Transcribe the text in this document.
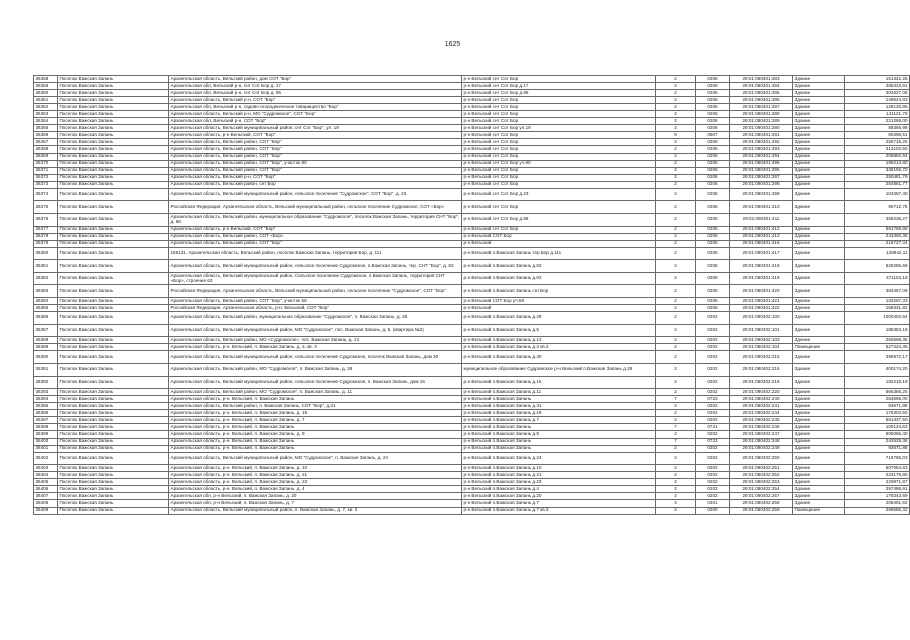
1625
36358	Поселок Важская Запань	Архангельская область, Вельский район, дом СОТ "Бор"	р-н Вельский снт Сот Бор	2	0206	29:01:080401:283	Здание	151342,25
36359	Поселок Важская Запань	Архангельская обл, Вельский р-н, снт Сот Бор д. 17	р-н Вельский снт Сот Бор д.17	2	0206	29:01:080401:284	Здание	385323,91
36360	Поселок Важская Запань	Архангельская обл, Вельский р-н, снт Сот Бор д. 95	р-н Вельский снт Сот Бор д.95	2	0206	29:01:080401:285	Здание	302627,06
36361	Поселок Важская Запань	Архангельская область, Вельский р-н, СОТ "Бор"	р-н Вельский снт Сот Бор	2	0206	29:01:080401:286	Здание	149624,83
36362	Поселок Важская Запань	Архангельская обл, Вельский р-н, садово-огородническое товарищество "Бор"	р-н Вельский снт Сот Бор	2	0206	29:01:080401:287	Здание	128120,86
36363	Поселок Важская Запань	Архангельская область, Вельский р-н, МО "Судромское", СОТ "Бор"	р-н Вельский снт Сот Бор	2	0206	29:01:080401:288	Здание	141121,78
36364	Поселок Важская Запань	Архангельская обл, Вельский р-н, СОТ "Бор"	р-н Вельский снт Сот Бор	2	0206	29:01:080401:289	Здание	221259,00
36365	Поселок Важская Запань	Архангельская область, Вельский муниципальный район, снт Сот "Бор", ул. 19	р-н Вельский снт Сот Бор ул.19	2	0206	29:01:080401:290	Здание	89356,99
36366	Поселок Важская Запань	Архангельская область, р-н Вельский, СОТ "Бор"	р-н Вельский снт Сот Бор	8	0507	29:01:080401:291	Здание	60396,51
36367	Поселок Важская Запань	Архангельская область, Вельский район, СОТ "Бор"	р-н Вельский снт Сот Бор	2	0206	29:01:080401:292	Здание	255715,25
36368	Поселок Важская Запань	Архангельская область, Вельский район, СОТ "Бор"	р-н Вельский снт Сот Бор	2	0206	29:01:080401:293	Здание	313102,50
36369	Поселок Важская Запань	Архангельская область, Вельский район, СОТ "Бор"	р-н Вельский снт Сот Бор	2	0206	29:01:080401:294	Здание	208892,94
36370	Поселок Важская Запань	Архангельская область, Вельский район, СОТ "Бор", участок 80	р-н Вельский снт Сот Бор уч.80	2	0206	29:01:080401:295	Здание	196213,80
36371	Поселок Важская Запань	Архангельская область, Вельский район, СОТ "Бор"	р-н Вельский снт Сот Бор	2	0206	29:01:080401:296	Здание	336155,70
36372	Поселок Важская Запань	Архангельская область, Вельский р-н, СОТ "Бор"	р-н Вельский снт Сот Бор	2	0206	29:01:080401:297	Здание	250481,76
36373	Поселок Важская Запань	Архангельская область, Вельский район, снт Бор	р-н Вельский снт Сот Бор	2	0206	29:01:080401:298	Здание	254861,77
36374	Поселок Важская Запань	Архангельская область, Вельский муниципальный район, сельское поселение "Судромское", СОТ "Бор", д. 23	р-н Вельский снт Сот Бор д.23	2	0206	29:01:080401:299	Здание	104367,40
36375	Поселок Важская Запань	Российская Федерация, Архангельская область, Вельский муниципальный район, сельское поселение Судромское, СОТ «Бор»	р-н Вельский снт Сот Бор	2	0206	29:01:080401:410	Здание	90712,75
36376	Поселок Важская Запань	Архангельская область, Вельский район, муниципальное образование "Судромское", поселок Важская Запань, территория СНТ "Бор", д. 68	р-н Вельский снт Сот Бор д.68	2	0206	29:01:080401:411	Здание	356236,27
36377	Поселок Важская Запань	Архангельская область, р-н Вельский, СОТ "Бор"	р-н Вельский снт Сот Бор	2	0206	29:01:080401:412	Здание	591769,98
36378	Поселок Важская Запань	Архангельская область, Вельский район, СОТ «Бор»	р-н Вельский СОТ Бор	2	0206	29:01:080401:413	Здание	243360,35
36379	Поселок Важская Запань	Архангельская область, Вельский район, СОТ "Бор"	р-н Вельский	2	0206	29:01:080401:416	Здание	218727,34
36380	Поселок Важская Запань	165131, Архангельская область, Вельский район, поселок Важская Запань, территория Бор, д. 111	р-н Вельский п.Важская Запань тер.Бор д.111	2	0206	29:01:080401:417	Здание	128942,11
36381	Поселок Важская Запань	Архангельская область, Вельский муниципальный район, сельское поселение Судромское, п.Важская Запань, тер. СНТ "Бор", д. 62	р-н Вельский п.Важская Запань д.62	2	0206	29:01:080401:418	Здание	528285,66
36382	Поселок Важская Запань	Архангельская область, Вельский муниципальный район, Сельское поселение Судромское, п.Важская Запань, территория СНТ «Бор», строение 63	р-н Вельский п.Важская Запань д.63	2	0206	29:01:080401:419	Здание	471104,18
36383	Поселок Важская Запань	Российская Федерация, Архангельская область, Вельский муниципальный район, сельское поселение "Судромское", СОТ "Бор"	р-н Вельский п.Важская Запань снт.Бор	2	0206	29:01:080401:420	Здание	383457,05
36384	Поселок Важская Запань	Архангельская область, Вельский район, СОТ "Бор", участок 58	р-н Вельский СОТ Бор уч.58	2	0206	29:01:080401:421	Здание	133287,33
36385	Поселок Важская Запань	Российская Федерация, Архангельская область, р-н. Вельский, СОТ "Бор"	р-н Вельский	2	0206	29:01:080401:422	Здание	158331,82
36386	Поселок Важская Запань	Архангельская область, Вельский район, муниципальное образование "Судромское", п. Важская Запань, д. 28	р-н Вельский п.Важская Запань д.28	2	0202	29:01:080402:100	Здание	1000402,64
36387	Поселок Важская Запань	Архангельская область, Вельский муниципальный район, МО "Судромское", пос. Важская Запань, д. 5, (квартира №2)	р-н Вельский п.Важская Запань д.5	2	0202	29:01:080402:101	Здание	185353,18
36388	Поселок Важская Запань	Архангельская область, Вельский район, МО «Судромское», пос. Важская Запань, д. 13	р-н Вельский п.Важская Запань д.13	2	0202	29:01:080402:103	Здание	250568,35
36389	Поселок Важская Запань	Архангельская область, р-н. Вельский, п. Важская Запань, д. 3, кв. 3	р-н Вельский п.Важская Запань д.3 кв.3	2	0202	29:01:080402:104	Помещение	527224,45
36390	Поселок Важская Запань	Архангельская область, Вельский муниципальный район, сельское поселение Судромское, поселок Важская Запань, дом 30	р-н Вельский п.Важская Запань д.30	2	0202	29:01:080402:215	Здание	396972,17
36391	Поселок Важская Запань	Архангельская область, Вельский район, МО "Судромское", п. Важская Запань, д. 28	муниципальное образование Судромское р-н Вельский п.Важская Запань д.28	2	0202	29:01:080402:216	Здание	400174,20
36392	Поселок Важская Запань	Архангельская область, Вельский муниципальный район, сельское поселение Судромское, п. Важская Запань, дом 15	р-н Вельский п.Важская Запань д.15	2	0202	29:01:080402:218	Здание	182219,19
36393	Поселок Важская Запань	Архангельская область, Вельский район, МО "Судромское", п. Важская Запань, д. 11	р-н Вельский п.Важская Запань д.11	2	0202	29:01:080402:220	Здание	566366,25
36394	Поселок Важская Запань	Архангельская область, р-н. Вельский, п. Важская Запань	р-н Вельский п.Важская Запань	7	0723	29:01:080402:240	Здание	254696,00
36395	Поселок Важская Запань	Архангельская область, Вельский район, п. Важская Запань, СОТ "Бор", д.31	р-н Вельский п.Важская Запань д.31	2	0202	29:01:080402:241	Здание	93671,86
36396	Поселок Важская Запань	Архангельская область, р-н. Вельский, п. Важская Запань, д. 19	р-н Вельский п.Важская Запань д.19	2	0202	29:01:080402:244	Здание	175303,50
36397	Поселок Важская Запань	Архангельская область, р-н. Вельский, п. Важская Запань, д. 7	р-н Вельский п.Важская Запань д.7	2	0202	29:01:080402:245	Здание	561337,50
36398	Поселок Важская Запань	Архангельская область, р-н. Вельский, п. Важская Запань	р-н Вельский п.Важская Запань	7	0721	29:01:080402:246	Здание	100124,63
36399	Поселок Важская Запань	Архангельская область, р-н. Вельский, п. Важская Запань, д. 9	р-н Вельский п.Важская Запань д.9	2	0202	29:01:080402:247	Здание	605065,40
36400	Поселок Важская Запань	Архангельская область, р-н. Вельский, п. Важская Запань	р-н Вельский п.Важская Запань	7	0723	29:01:080402:248	Здание	242625,36
36401	Поселок Важская Запань	Архангельская область, р-н. Вельский, п. Важская Запань	р-н Вельский п.Важская Запань	2	0202	29:01:080402:249	Здание	93671,86
36402	Поселок Важская Запань	Архангельская область, Вельский муниципальный район, МО "Судромское", п. Важская Запань, д. 24	р-н Вельский п.Важская Запань д.24	2	0202	29:01:080402:250	Здание	715765,03
36403	Поселок Важская Запань	Архангельская область, р-н. Вельский, п. Важская Запань, д. 10	р-н Вельский п.Важская Запань д.10	2	0202	29:01:080402:251	Здание	607054,63
36404	Поселок Важская Запань	Архангельская область, р-н. Вельский, п. Важская Запань, д. 21	р-н Вельский п.Важская Запань д.21	2	0202	29:01:080402:252	Здание	223175,90
36405	Поселок Важская Запань	Архангельская область, р-н. Вельский, п. Важская Запань, д. 23	р-н Вельский п.Важская Запань д.23	2	0202	29:01:080402:253	Здание	220871,87
36406	Поселок Важская Запань	Архангельская область, р-н. Вельский, п. Важская Запань, д. 4	р-н Вельский п.Важская Запань д.4	2	0202	29:01:080402:254	Здание	397486,91
36407	Поселок Важская Запань	Архангельская обл, р-н Вельский, п. Важская Запань, д. 20	р-н Вельский п.Важская Запань д.20	2	0202	29:01:080402:257	Здание	176343,59
36408	Поселок Важская Запань	Архангельская обл, р-н Вельский, п. Важская Запань, д. 7	р-н Вельский п.Важская Запань д.7	4	0401	29:01:080402:258	Здание	205491,62
36409	Поселок Важская Запань	Архангельская область, Вельский муниципальный район, п. Важская Запань, д. 7, кв. 3	р-н Вельский п.Важская Запань д.7 кв.3	2	0200	29:01:080402:259	Помещение	268585,32
